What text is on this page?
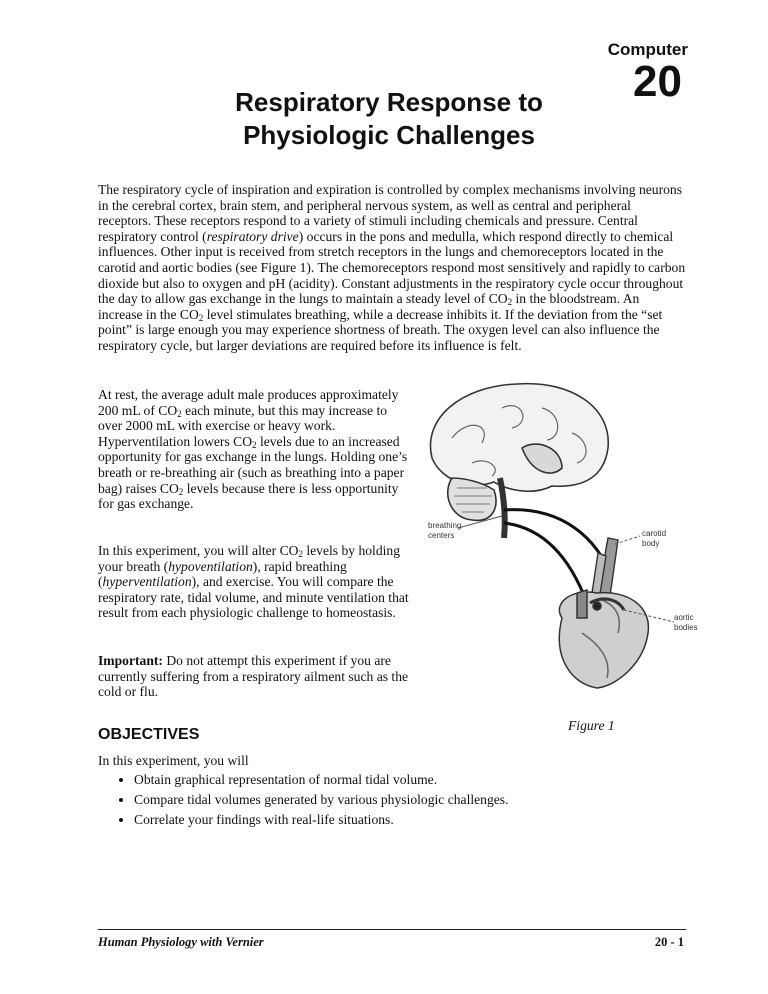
Computer
20
Respiratory Response to
Physiologic Challenges

The respiratory cycle of inspiration and expiration is controlled by complex mechanisms involving neurons in the cerebral cortex, brain stem, and peripheral nervous system, as well as central and peripheral receptors. These receptors respond to a variety of stimuli including chemicals and pressure. Central respiratory control (respiratory drive) occurs in the pons and medulla, which respond directly to chemical influences. Other input is received from stretch receptors in the lungs and chemoreceptors located in the carotid and aortic bodies (see Figure 1). The chemoreceptors respond most sensitively and rapidly to carbon dioxide but also to oxygen and pH (acidity). Constant adjustments in the respiratory cycle occur throughout the day to allow gas exchange in the lungs to maintain a steady level of $CO_2$ in the bloodstream. An increase in the $CO_2$ level stimulates breathing, while a decrease inhibits it. If the deviation from the “set point” is large enough you may experience shortness of breath. The oxygen level can also influence the respiratory cycle, but larger deviations are required before its influence is felt.

At rest, the average adult male produces approximately 200 mL of $CO_2$ each minute, but this may increase to over 2000 mL with exercise or heavy work. Hyperventilation lowers $CO_2$ levels due to an increased opportunity for gas exchange in the lungs. Holding one’s breath or re-breathing air (such as breathing into a paper bag) raises $CO_2$ levels because there is less opportunity for gas exchange.

In this experiment, you will alter $CO_2$ levels by holding your breath (hypoventilation), rapid breathing (hyperventilation), and exercise. You will compare the respiratory rate, tidal volume, and minute ventilation that result from each physiologic challenge to homeostasis.

Important: Do not attempt this experiment if you are currently suffering from a respiratory ailment such as the cold or flu.

breathing
centers	carotid
body
aortic
bodies
Figure 1
OBJECTIVES
In this experiment, you will
• Obtain graphical representation of normal tidal volume.
• Compare tidal volumes generated by various physiologic challenges.
• Correlate your findings with real-life situations.
Human Physiology with Vernier	20 - 1
